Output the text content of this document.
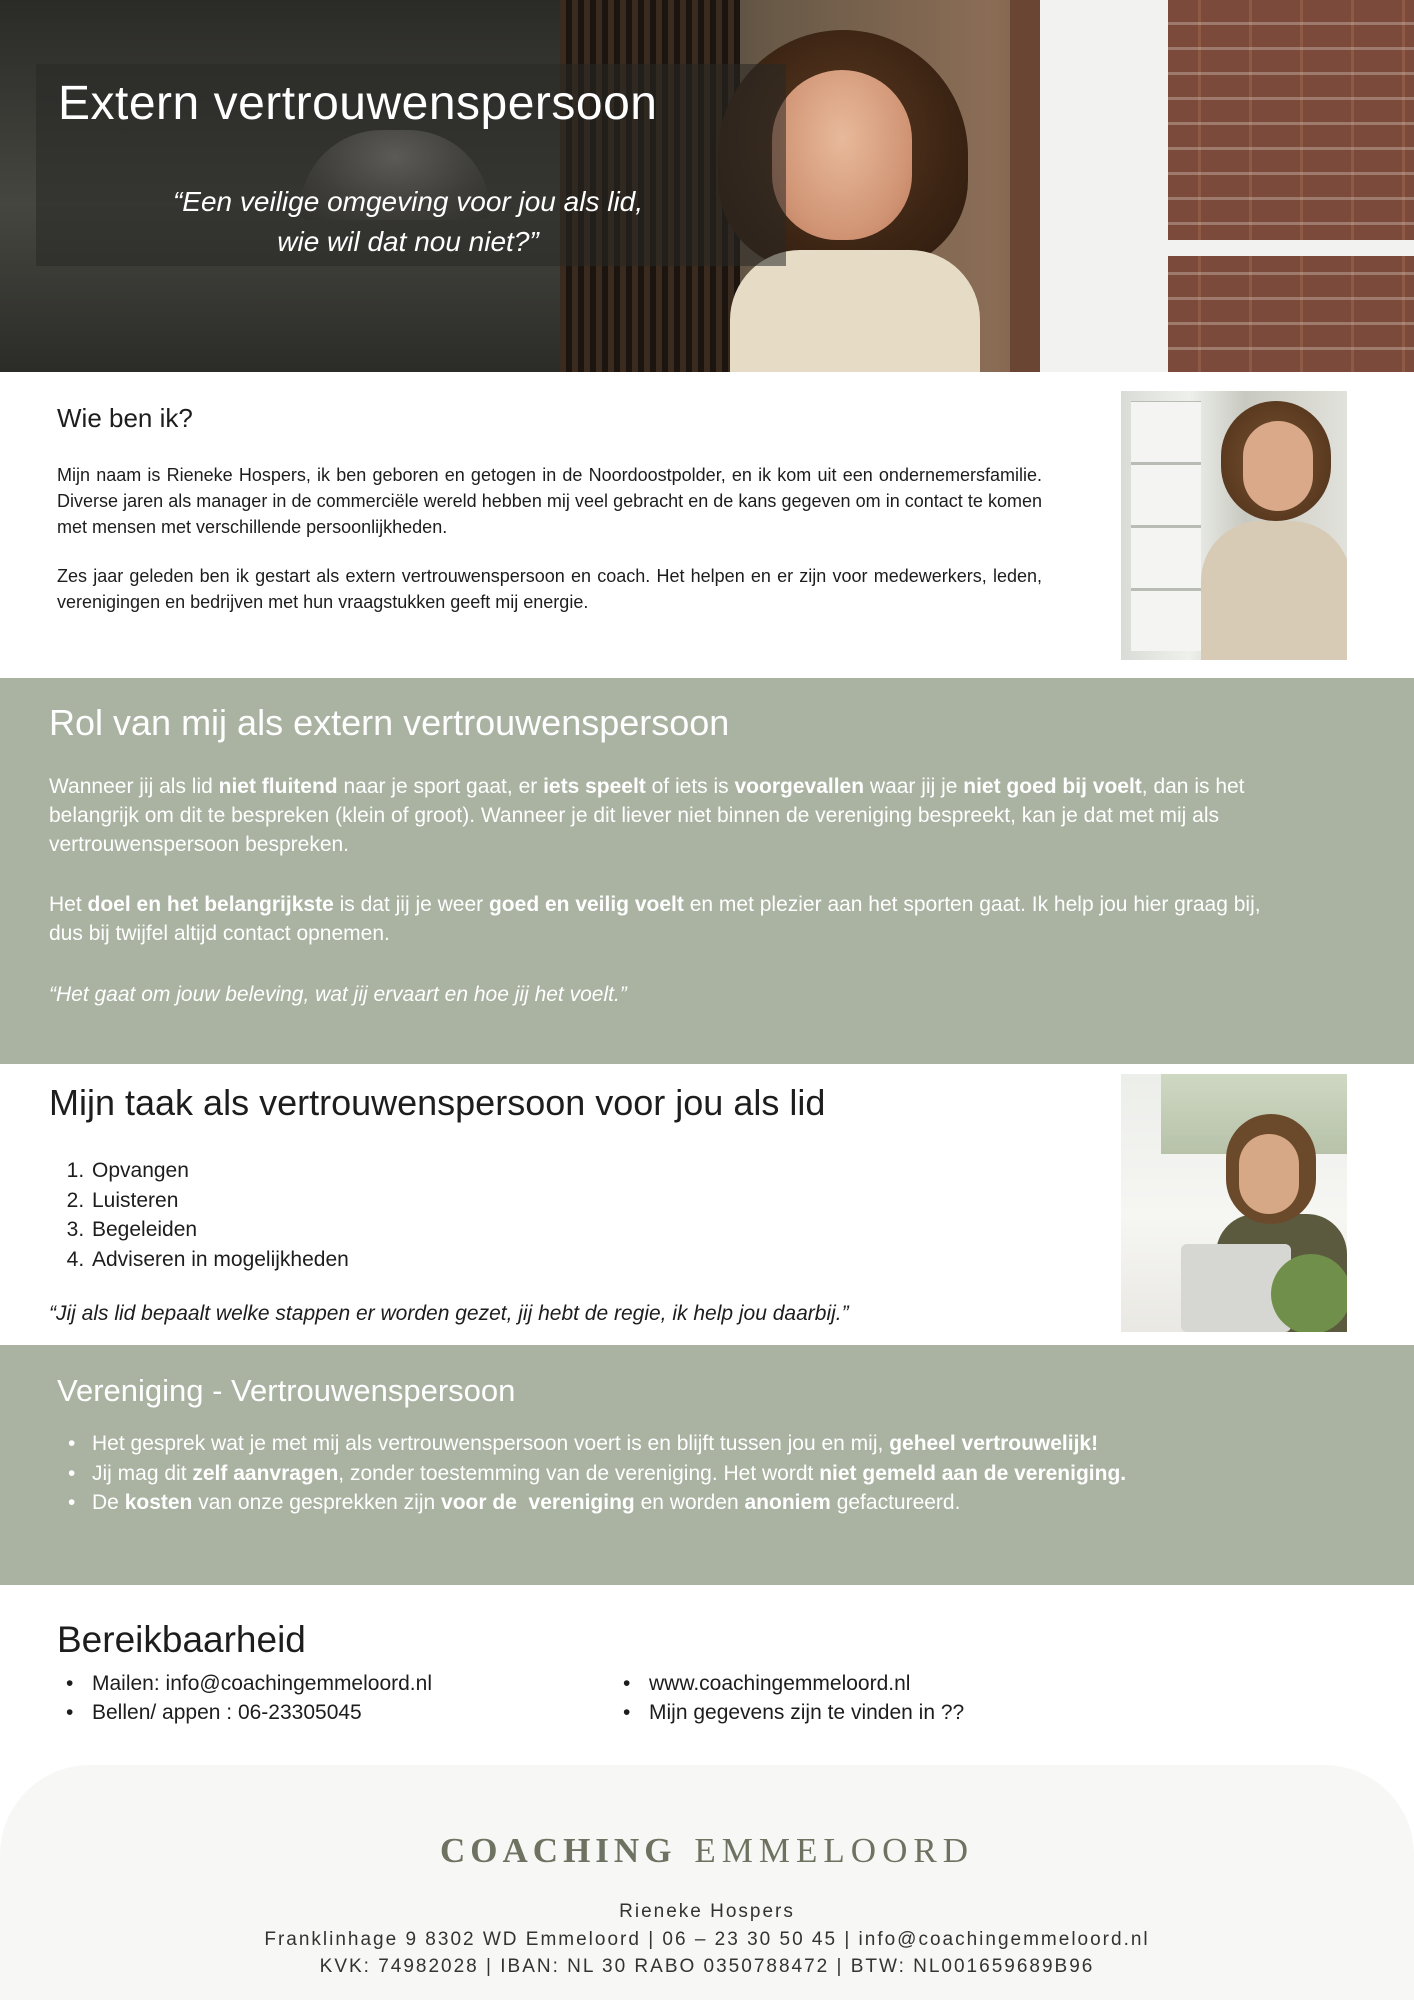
Extern vertrouwenspersoon
“Een veilige omgeving voor jou als lid,
wie wil dat nou niet?”
Wie ben ik?

Mijn naam is Rieneke Hospers, ik ben geboren en getogen in de Noordoostpolder, en ik kom uit een ondernemersfamilie. Diverse jaren als manager in de commerciële wereld hebben mij veel gebracht en de kans gegeven om in contact te komen met mensen met verschillende persoonlijkheden.

Zes jaar geleden ben ik gestart als extern vertrouwenspersoon en coach. Het helpen en er zijn voor medewerkers, leden, verenigingen en bedrijven met hun vraagstukken geeft mij energie.

Rol van mij als extern vertrouwenspersoon

Wanneer jij als lid niet fluitend naar je sport gaat, er iets speelt of iets is voorgevallen waar jij je niet goed bij voelt, dan is het belangrijk om dit te bespreken (klein of groot). Wanneer je dit liever niet binnen de vereniging bespreekt, kan je dat met mij als vertrouwenspersoon bespreken.

Het doel en het belangrijkste is dat jij je weer goed en veilig voelt en met plezier aan het sporten gaat. Ik help jou hier graag bij, dus bij twijfel altijd contact opnemen.

“Het gaat om jouw beleving, wat jij ervaart en hoe jij het voelt.”

Mijn taak als vertrouwenspersoon voor jou als lid
1. Opvangen
2. Luisteren
3. Begeleiden
4. Adviseren in mogelijkheden

“Jij als lid bepaalt welke stappen er worden gezet, jij hebt de regie, ik help jou daarbij.”

Vereniging - Vertrouwenspersoon
• Het gesprek wat je met mij als vertrouwenspersoon voert is en blijft tussen jou en mij, geheel vertrouwelijk!
• Jij mag dit zelf aanvragen, zonder toestemming van de vereniging. Het wordt niet gemeld aan de vereniging.
• De kosten van onze gesprekken zijn voor de  vereniging en worden anoniem gefactureerd.
Bereikbaarheid
• Mailen: info@coachingemmeloord.nl
• Bellen/ appen : 06-23305045
• www.coachingemmeloord.nl
• Mijn gegevens zijn te vinden in ??
COACHING EMMELOORD
Rieneke Hospers
Franklinhage 9 8302 WD Emmeloord | 06 – 23 30 50 45 | info@coachingemmeloord.nl
KVK: 74982028 | IBAN: NL 30 RABO 0350788472 | BTW: NL001659689B96
